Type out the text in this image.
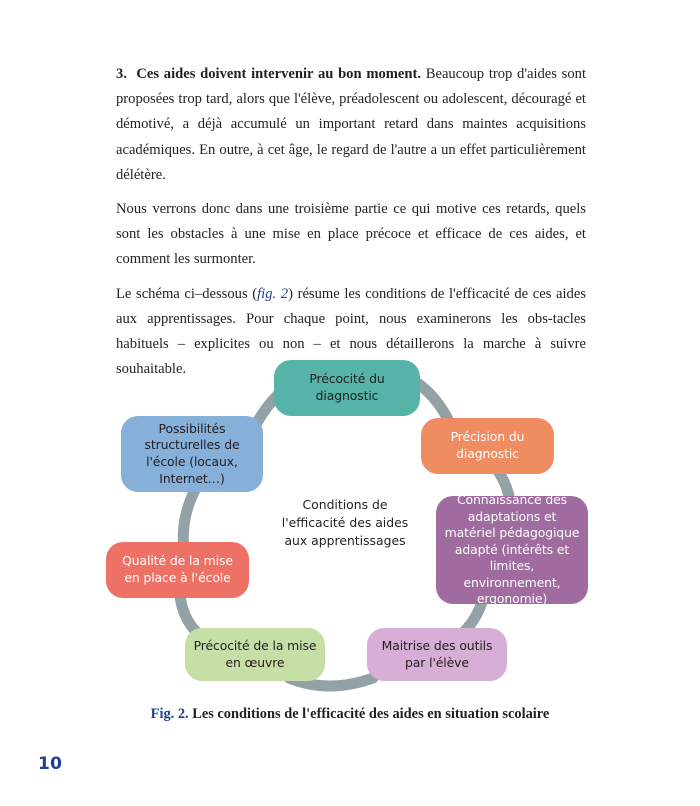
3. Ces aides doivent intervenir au bon moment. Beaucoup trop d'aides sont proposées trop tard, alors que l'élève, préadolescent ou adolescent, découragé et démotivé, a déjà accumulé un important retard dans maintes acquisitions académiques. En outre, à cet âge, le regard de l'autre a un effet particulièrement délétère.

Nous verrons donc dans une troisième partie ce qui motive ces retards, quels sont les obstacles à une mise en place précoce et efficace de ces aides, et comment les surmonter.

Le schéma ci–dessous (fig. 2) résume les conditions de l'efficacité de ces aides aux apprentissages. Pour chaque point, nous examinerons les obs-tacles habituels – explicites ou non – et nous détaillerons la marche à suivre souhaitable.

Précocité du diagnostic
Précision du diagnostic
Connaissance des adaptations et matériel pédagogique adapté (intérêts et limites, environnement, ergonomie)
Maitrise des outils par l'élève
Précocité de la mise en œuvre
Qualité de la mise en place à l'école
Possibilités structurelles de l'école (locaux, Internet…)
Conditions de
l'efficacité des aides
aux apprentissages
Fig. 2. Les conditions de l'efficacité des aides en situation scolaire
10
